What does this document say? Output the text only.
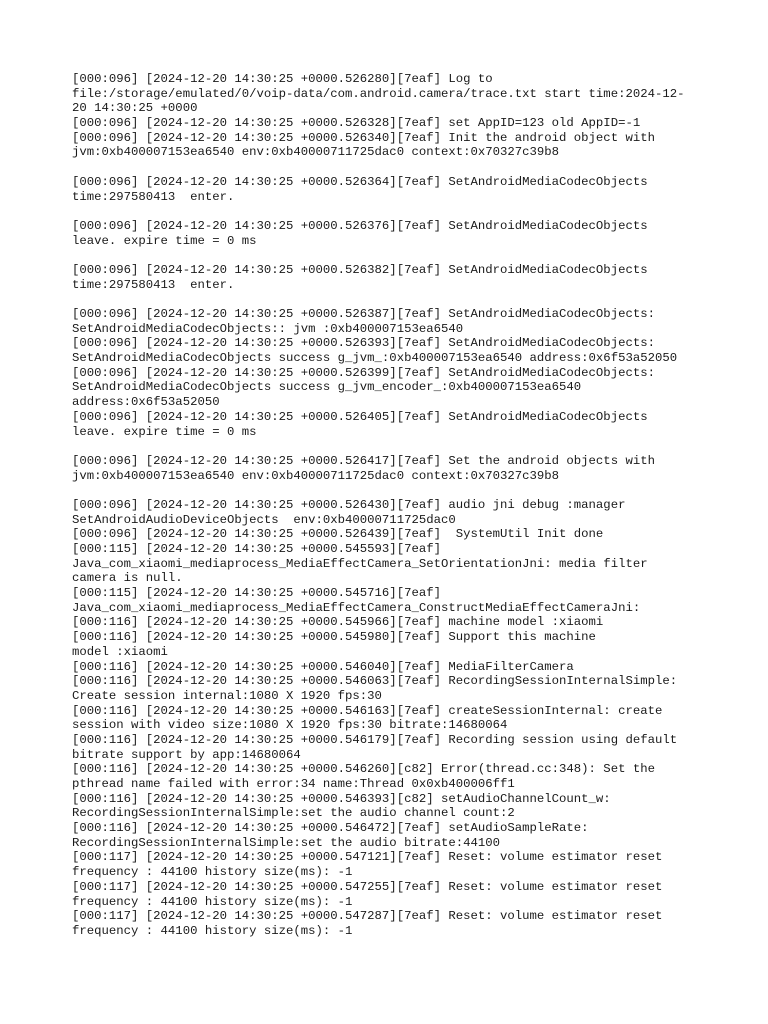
[000:096] [2024-12-20 14:30:25 +0000.526280][7eaf] Log to
file:/storage/emulated/0/voip-data/com.android.camera/trace.txt start time:2024-12-
20 14:30:25 +0000
[000:096] [2024-12-20 14:30:25 +0000.526328][7eaf] set AppID=123 old AppID=-1
[000:096] [2024-12-20 14:30:25 +0000.526340][7eaf] Init the android object with
jvm:0xb400007153ea6540 env:0xb40000711725dac0 context:0x70327c39b8
[000:096] [2024-12-20 14:30:25 +0000.526364][7eaf] SetAndroidMediaCodecObjects
time:297580413  enter.
[000:096] [2024-12-20 14:30:25 +0000.526376][7eaf] SetAndroidMediaCodecObjects
leave. expire time = 0 ms
[000:096] [2024-12-20 14:30:25 +0000.526382][7eaf] SetAndroidMediaCodecObjects
time:297580413  enter.
[000:096] [2024-12-20 14:30:25 +0000.526387][7eaf] SetAndroidMediaCodecObjects:
SetAndroidMediaCodecObjects:: jvm :0xb400007153ea6540
[000:096] [2024-12-20 14:30:25 +0000.526393][7eaf] SetAndroidMediaCodecObjects:
SetAndroidMediaCodecObjects success g_jvm_:0xb400007153ea6540 address:0x6f53a52050
[000:096] [2024-12-20 14:30:25 +0000.526399][7eaf] SetAndroidMediaCodecObjects:
SetAndroidMediaCodecObjects success g_jvm_encoder_:0xb400007153ea6540
address:0x6f53a52050
[000:096] [2024-12-20 14:30:25 +0000.526405][7eaf] SetAndroidMediaCodecObjects
leave. expire time = 0 ms
[000:096] [2024-12-20 14:30:25 +0000.526417][7eaf] Set the android objects with
jvm:0xb400007153ea6540 env:0xb40000711725dac0 context:0x70327c39b8
[000:096] [2024-12-20 14:30:25 +0000.526430][7eaf] audio jni debug :manager
SetAndroidAudioDeviceObjects  env:0xb40000711725dac0
[000:096] [2024-12-20 14:30:25 +0000.526439][7eaf]  SystemUtil Init done
[000:115] [2024-12-20 14:30:25 +0000.545593][7eaf]
Java_com_xiaomi_mediaprocess_MediaEffectCamera_SetOrientationJni: media filter
camera is null.
[000:115] [2024-12-20 14:30:25 +0000.545716][7eaf]
Java_com_xiaomi_mediaprocess_MediaEffectCamera_ConstructMediaEffectCameraJni:
[000:116] [2024-12-20 14:30:25 +0000.545966][7eaf] machine model :xiaomi
[000:116] [2024-12-20 14:30:25 +0000.545980][7eaf] Support this machine
model :xiaomi
[000:116] [2024-12-20 14:30:25 +0000.546040][7eaf] MediaFilterCamera
[000:116] [2024-12-20 14:30:25 +0000.546063][7eaf] RecordingSessionInternalSimple:
Create session internal:1080 X 1920 fps:30
[000:116] [2024-12-20 14:30:25 +0000.546163][7eaf] createSessionInternal: create
session with video size:1080 X 1920 fps:30 bitrate:14680064
[000:116] [2024-12-20 14:30:25 +0000.546179][7eaf] Recording session using default
bitrate support by app:14680064
[000:116] [2024-12-20 14:30:25 +0000.546260][c82] Error(thread.cc:348): Set the
pthread name failed with error:34 name:Thread 0x0xb400006ff1
[000:116] [2024-12-20 14:30:25 +0000.546393][c82] setAudioChannelCount_w:
RecordingSessionInternalSimple:set the audio channel count:2
[000:116] [2024-12-20 14:30:25 +0000.546472][7eaf] setAudioSampleRate:
RecordingSessionInternalSimple:set the audio bitrate:44100
[000:117] [2024-12-20 14:30:25 +0000.547121][7eaf] Reset: volume estimator reset
frequency : 44100 history size(ms): -1
[000:117] [2024-12-20 14:30:25 +0000.547255][7eaf] Reset: volume estimator reset
frequency : 44100 history size(ms): -1
[000:117] [2024-12-20 14:30:25 +0000.547287][7eaf] Reset: volume estimator reset
frequency : 44100 history size(ms): -1
